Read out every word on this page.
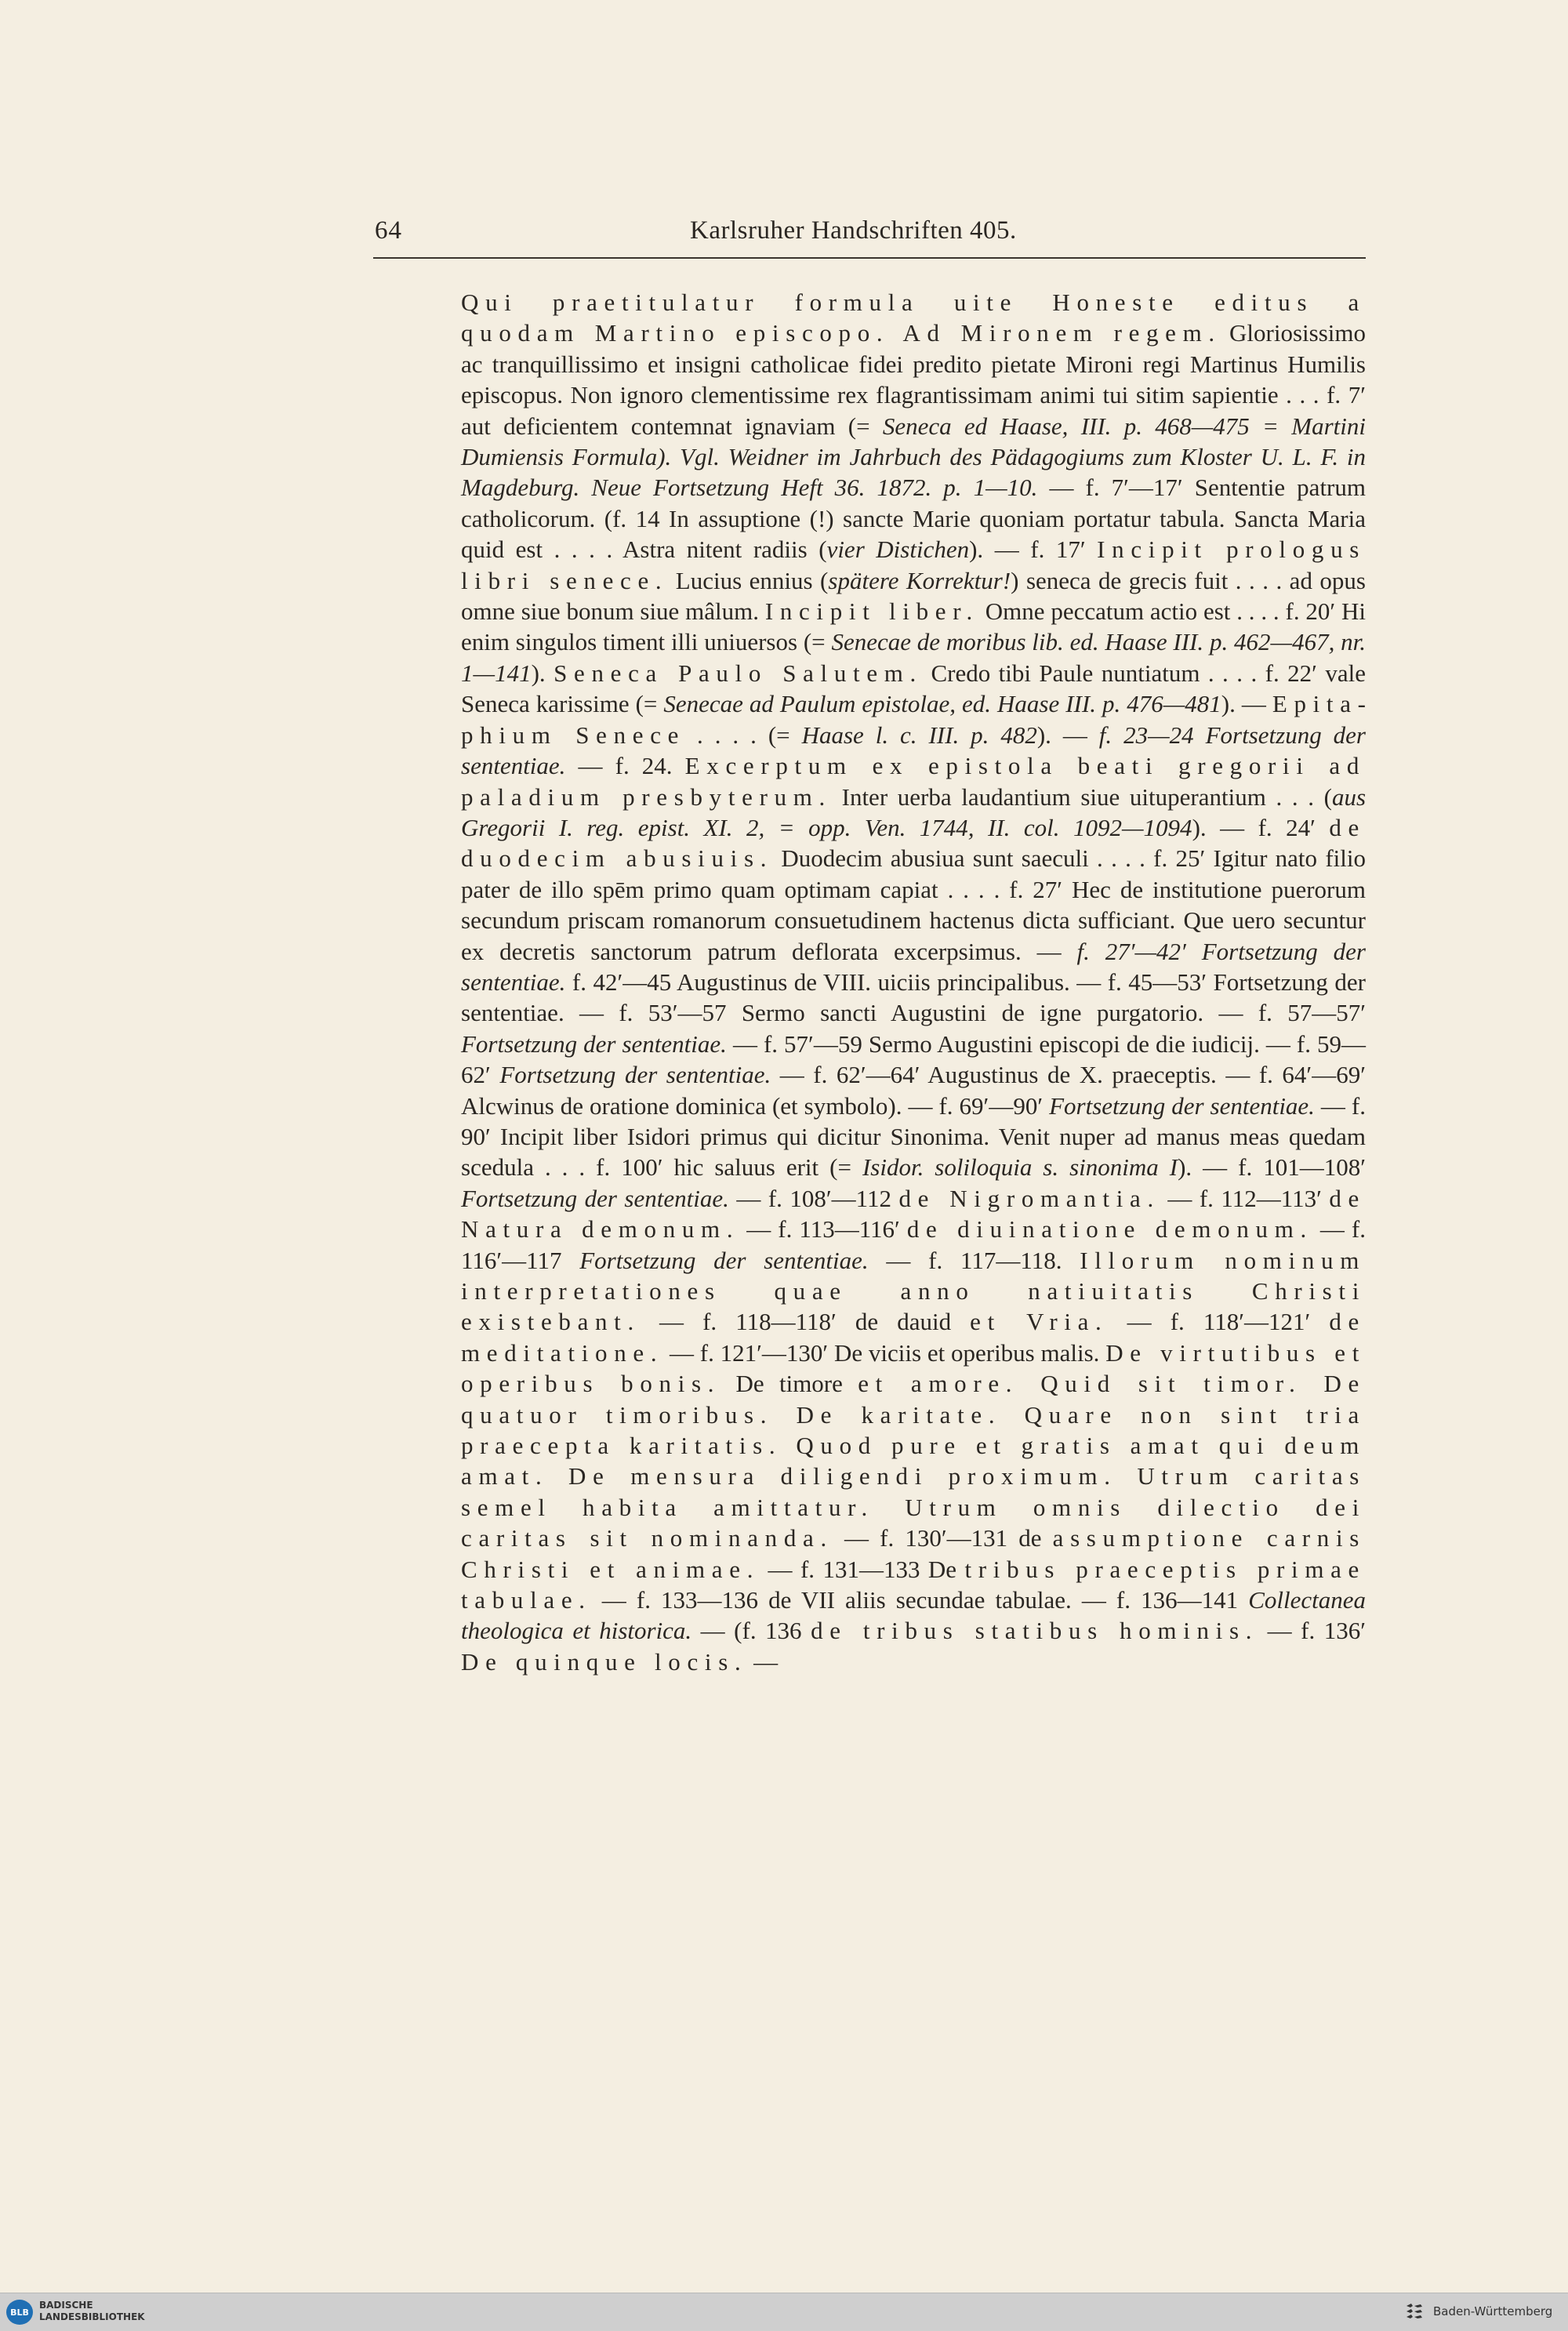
64	Karlsruher Handschriften 405.

Qui praetitulatur formula uite Honeste editus a quodam Martino episcopo. Ad Mironem regem. Gloriosissimo ac tranquillissimo et insigni catholicae fidei predito pietate Mironi regi Martinus Humilis episcopus. Non ignoro clementissime rex flagrantissimam animi tui sitim sapientie . . . f. 7′ aut deficientem contemnat ignaviam (= Seneca ed Haase, III. p. 468—475 = Martini Dumiensis Formula). Vgl. Weidner im Jahrbuch des Pädagogiums zum Kloster U. L. F. in Magdeburg. Neue Fortsetzung Heft 36. 1872. p. 1—10. — f. 7′—17′ Sententie patrum catholicorum. (f. 14 In assuptione (!) sancte Marie quoniam portatur tabula. Sancta Maria quid est . . . . Astra nitent radiis (vier Distichen). — f. 17′ Incipit prologus libri senece. Lucius ennius (spätere Korrektur!) seneca de grecis fuit . . . . ad opus omne siue bonum siue mâlum. Incipit liber. Omne peccatum actio est . . . . f. 20′ Hi enim singulos timent illi uniuersos (= Senecae de moribus lib. ed. Haase III. p. 462—467, nr. 1—141). Seneca Paulo Salutem. Credo tibi Paule nuntiatum . . . . f. 22′ vale Seneca karissime (= Senecae ad Paulum epistolae, ed. Haase III. p. 476—481). — Epitaphium Senece . . . . (= Haase l. c. III. p. 482). — f. 23—24 Fortsetzung der sententiae. — f. 24. Excerptum ex epistola beati gregorii ad paladium presbyterum. Inter uerba laudantium siue uituperantium . . . (aus Gregorii I. reg. epist. XI. 2, = opp. Ven. 1744, II. col. 1092—1094). — f. 24′ de duodecim abusiuis. Duodecim abusiua sunt saeculi . . . . f. 25′ Igitur nato filio pater de illo spēm primo quam optimam capiat . . . . f. 27′ Hec de institutione puerorum secundum priscam romanorum consuetudinem hactenus dicta sufficiant. Que uero secuntur ex decretis sanctorum patrum deflorata excerpsimus. — f. 27′—42′ Fortsetzung der sententiae. f. 42′—45 Augustinus de VIII. uiciis principalibus. — f. 45—53′ Fortsetzung der sententiae. — f. 53′—57 Sermo sancti Augustini de igne purgatorio. — f. 57—57′ Fortsetzung der sententiae. — f. 57′—59 Sermo Augustini episcopi de die iudicij. — f. 59—62′ Fortsetzung der sententiae. — f. 62′—64′ Augustinus de X. praeceptis. — f. 64′—69′ Alcwinus de oratione dominica (et symbolo). — f. 69′—90′ Fortsetzung der sententiae. — f. 90′ Incipit liber Isidori primus qui dicitur Sinonima. Venit nuper ad manus meas quedam scedula . . . f. 100′ hic saluus erit (= Isidor. soliloquia s. sinonima I). — f. 101—108′ Fortsetzung der sententiae. — f. 108′—112 de Nigromantia. — f. 112—113′ de Natura demonum. — f. 113—116′ de diuinatione demonum. — f. 116′—117 Fortsetzung der sententiae. — f. 117—118. Illorum nominum interpretationes quae anno natiuitatis Christi existebant. — f. 118—118′ de dauid et Vria. — f. 118′—121′ de meditatione. — f. 121′—130′ De viciis et operibus malis. De virtutibus et operibus bonis. De timore et amore. Quid sit timor. De quatuor timoribus. De karitate. Quare non sint tria praecepta karitatis. Quod pure et gratis amat qui deum amat. De mensura diligendi proximum. Utrum caritas semel habita amittatur. Utrum omnis dilectio dei caritas sit nominanda. — f. 130′—131 de assumptione carnis Christi et animae. — f. 131—133 De tribus praeceptis primae tabulae. — f. 133—136 de VII aliis secundae tabulae. — f. 136—141 Collectanea theologica et historica. — (f. 136 de tribus statibus hominis. — f. 136′ De quinque locis. —

BLB
BADISCHE
LANDESBIBLIOTHEK	Baden-Württemberg
